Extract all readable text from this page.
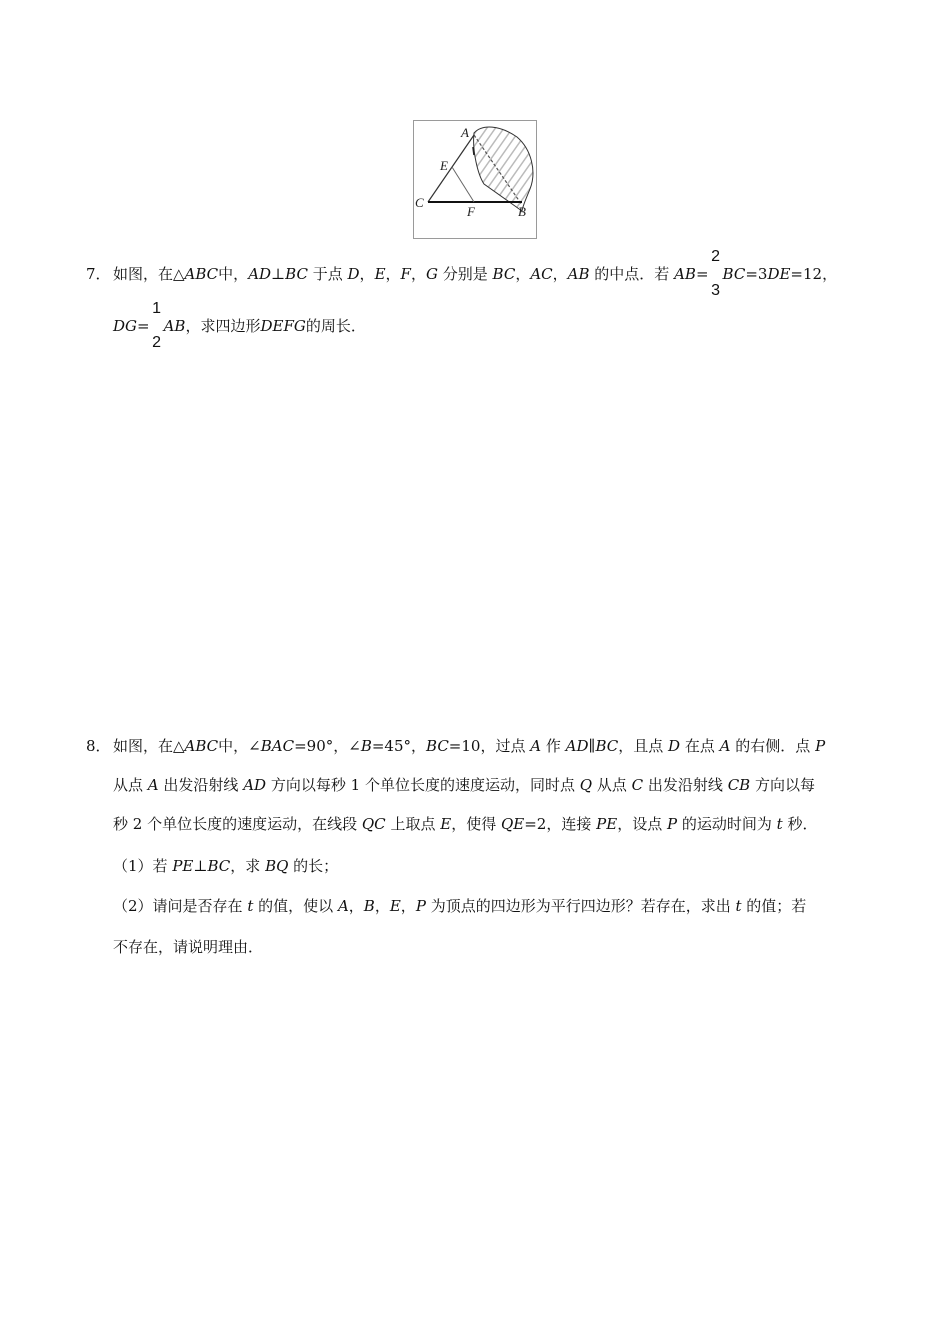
A
E
C
F	B
7． 如图，在△ABC中，AD⊥BC 于点 D，E，F，G 分别是 BC，AC，AB 的中点．若 AB=
2
3
BC=3DE=12，
DG=
1
2
AB，求四边形DEFG的周长．
8． 如图，在△ABC中，∠BAC=90°，∠B=45°，BC=10，过点 A 作 AD∥BC，且点 D 在点 A 的右侧．点 P
从点 A 出发沿射线 AD 方向以每秒 1 个单位长度的速度运动，同时点 Q 从点 C 出发沿射线 CB 方向以每
秒 2 个单位长度的速度运动，在线段 QC 上取点 E，使得 QE=2，连接 PE，设点 P 的运动时间为 t 秒．
（1）若 PE⊥BC，求 BQ 的长；
（2）请问是否存在 t 的值，使以 A，B，E，P 为顶点的四边形为平行四边形？若存在，求出 t 的值；若
不存在，请说明理由．
